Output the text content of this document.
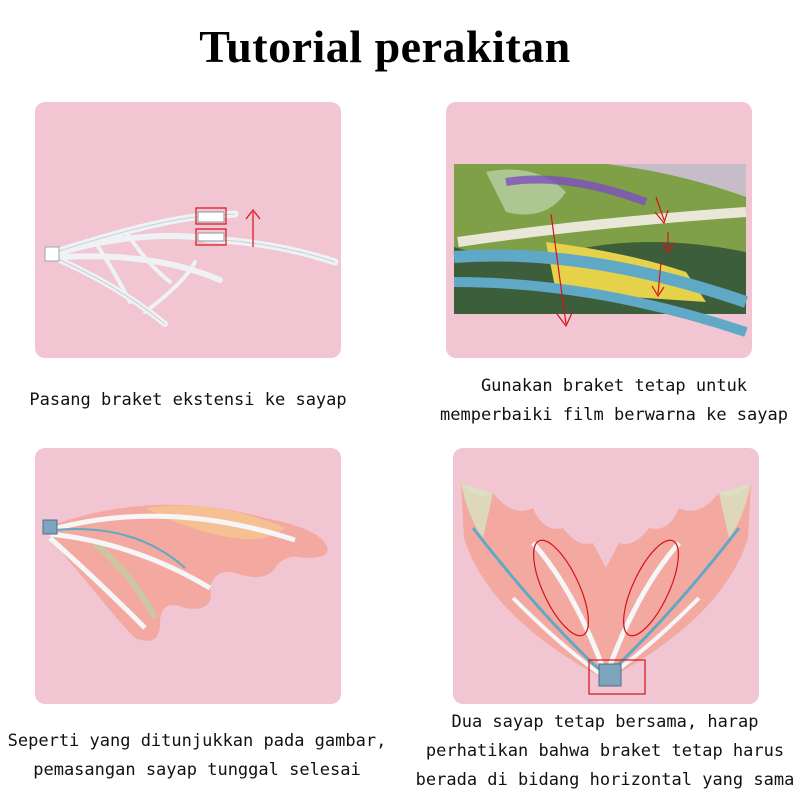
Tutorial perakitan
Pasang braket ekstensi ke sayap
Gunakan braket tetap untuk
memperbaiki film berwarna ke sayap
Seperti yang ditunjukkan pada gambar,
pemasangan sayap tunggal selesai
Dua sayap tetap bersama, harap
perhatikan bahwa braket tetap harus
berada di bidang horizontal yang sama
